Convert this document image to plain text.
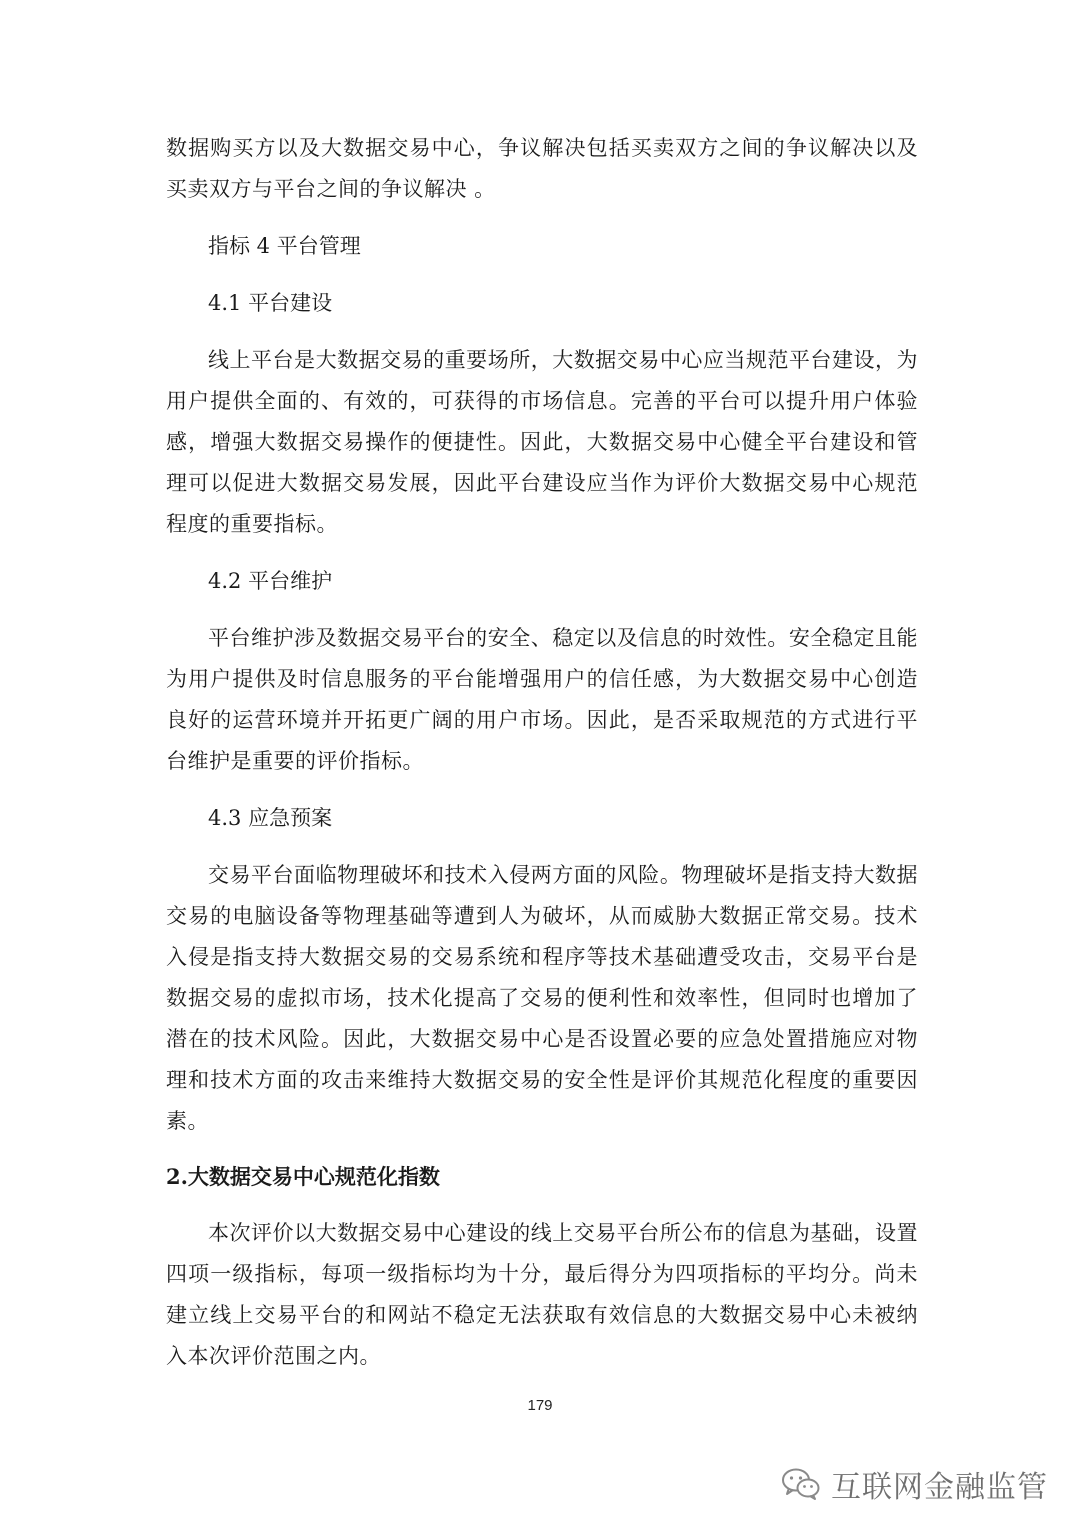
数据购买方以及大数据交易中心，争议解决包括买卖双方之间的争议解决以及买卖双方与平台之间的争议解决 。

指标 4 平台管理
4.1 平台建设

线上平台是大数据交易的重要场所，大数据交易中心应当规范平台建设，为用户提供全面的、有效的，可获得的市场信息。完善的平台可以提升用户体验感，增强大数据交易操作的便捷性。因此，大数据交易中心健全平台建设和管理可以促进大数据交易发展，因此平台建设应当作为评价大数据交易中心规范程度的重要指标。

4.2 平台维护

平台维护涉及数据交易平台的安全、稳定以及信息的时效性。安全稳定且能为用户提供及时信息服务的平台能增强用户的信任感，为大数据交易中心创造良好的运营环境并开拓更广阔的用户市场。因此，是否采取规范的方式进行平台维护是重要的评价指标。

4.3 应急预案

交易平台面临物理破坏和技术入侵两方面的风险。物理破坏是指支持大数据交易的电脑设备等物理基础等遭到人为破坏，从而威胁大数据正常交易。技术入侵是指支持大数据交易的交易系统和程序等技术基础遭受攻击，交易平台是数据交易的虚拟市场，技术化提高了交易的便利性和效率性，但同时也增加了潜在的技术风险。因此，大数据交易中心是否设置必要的应急处置措施应对物理和技术方面的攻击来维持大数据交易的安全性是评价其规范化程度的重要因素。

2.大数据交易中心规范化指数

本次评价以大数据交易中心建设的线上交易平台所公布的信息为基础，设置四项一级指标，每项一级指标均为十分，最后得分为四项指标的平均分。尚未建立线上交易平台的和网站不稳定无法获取有效信息的大数据交易中心未被纳入本次评价范围之内。

179
互联网金融监管
